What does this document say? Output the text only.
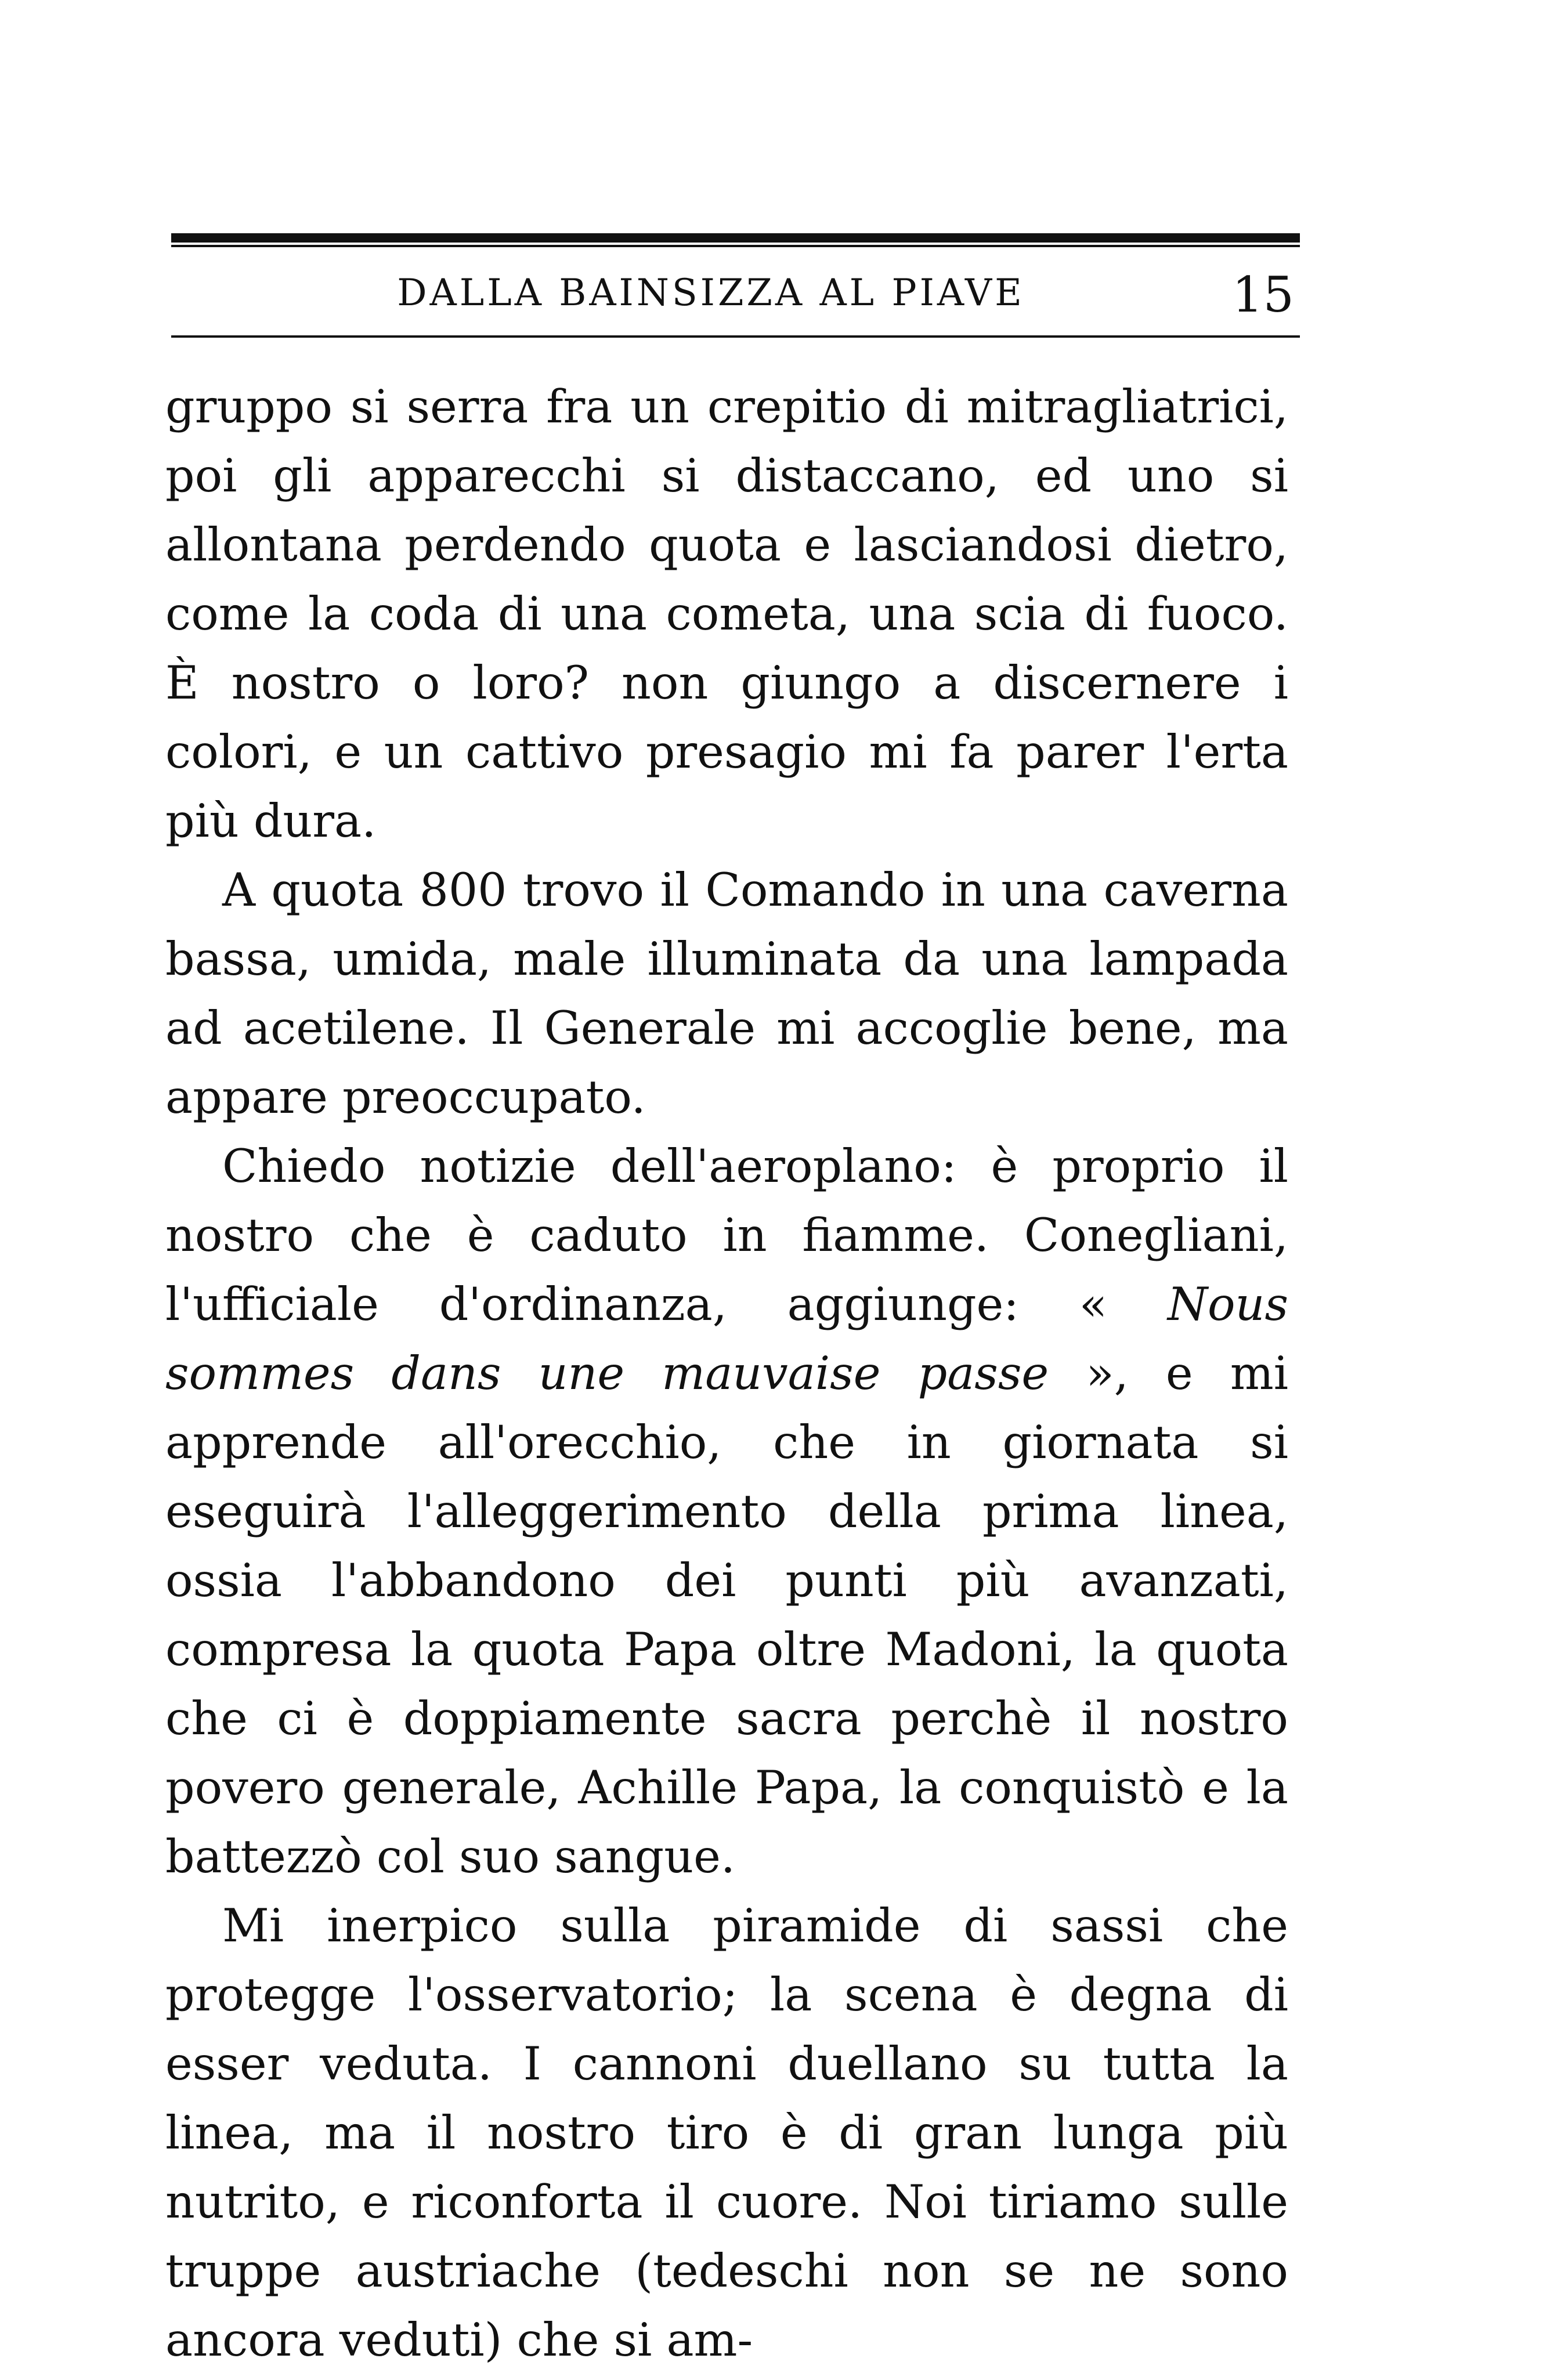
DALLA BAINSIZZA AL PIAVE	15

gruppo si serra fra un crepitio di mitragliatrici, poi gli apparecchi si distaccano, ed uno si allontana perdendo quota e lasciandosi dietro, come la coda di una cometa, una scia di fuoco. È nostro o loro? non giungo a discernere i colori, e un cattivo presagio mi fa parer l'erta più dura.

A quota 800 trovo il Comando in una caverna bassa, umida, male illuminata da una lampada ad acetilene. Il Generale mi accoglie bene, ma appare preoccupato.

Chiedo notizie dell'aeroplano: è proprio il nostro che è caduto in fiamme. Conegliani, l'ufficiale d'ordinanza, aggiunge: « Nous sommes dans une mauvaise passe », e mi apprende all'orecchio, che in giornata si eseguirà l'alleggerimento della prima linea, ossia l'abbandono dei punti più avanzati, compresa la quota Papa oltre Madoni, la quota che ci è doppiamente sacra perchè il nostro povero generale, Achille Papa, la conquistò e la battezzò col suo sangue.

Mi inerpico sulla piramide di sassi che protegge l'osservatorio; la scena è degna di esser veduta. I cannoni duellano su tutta la linea, ma il nostro tiro è di gran lunga più nutrito, e riconforta il cuore. Noi tiriamo sulle truppe austriache (tedeschi non se ne sono ancora veduti) che si am-
